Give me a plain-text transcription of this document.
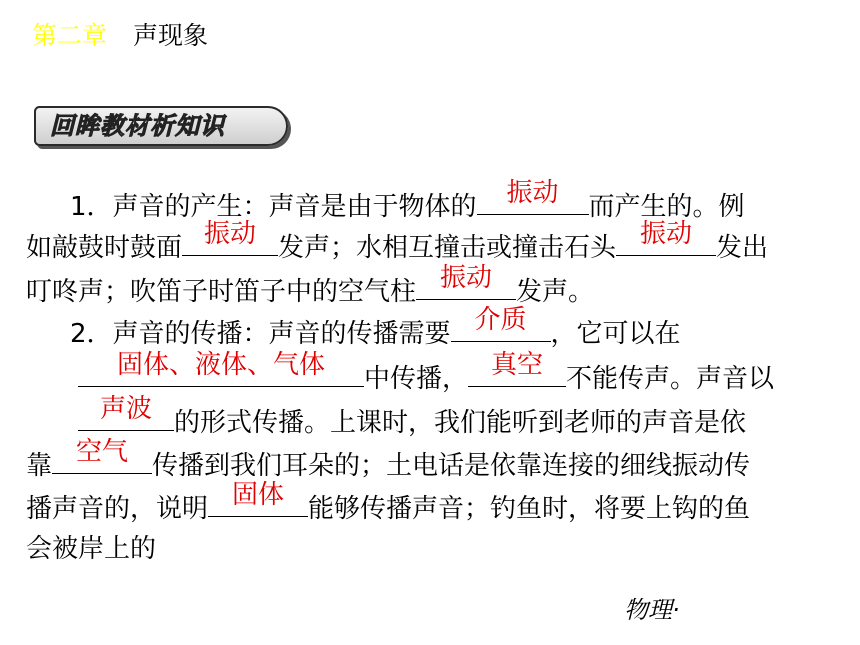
第二章 声现象
回眸教材析知识
1．声音的产生：声音是由于物体的	振动	而产生的。例
如敲鼓时鼓面 振动 发声；水相互撞击或撞击石头 振动 发出
叮咚声；吹笛子时笛子中的空气柱 振动 发声。
2．声音的传播：声音的传播需要 介质 ，它可以在
固体、液体、气体	中传播， 真空 不能传声。声音以
声波 的形式传播。上课时，我们能听到老师的声音是依
靠 空气 传播到我们耳朵的；土电话是依靠连接的细线振动传
播声音的，说明 固体 能够传播声音；钓鱼时，将要上钩的鱼
会被岸上的
物理·
